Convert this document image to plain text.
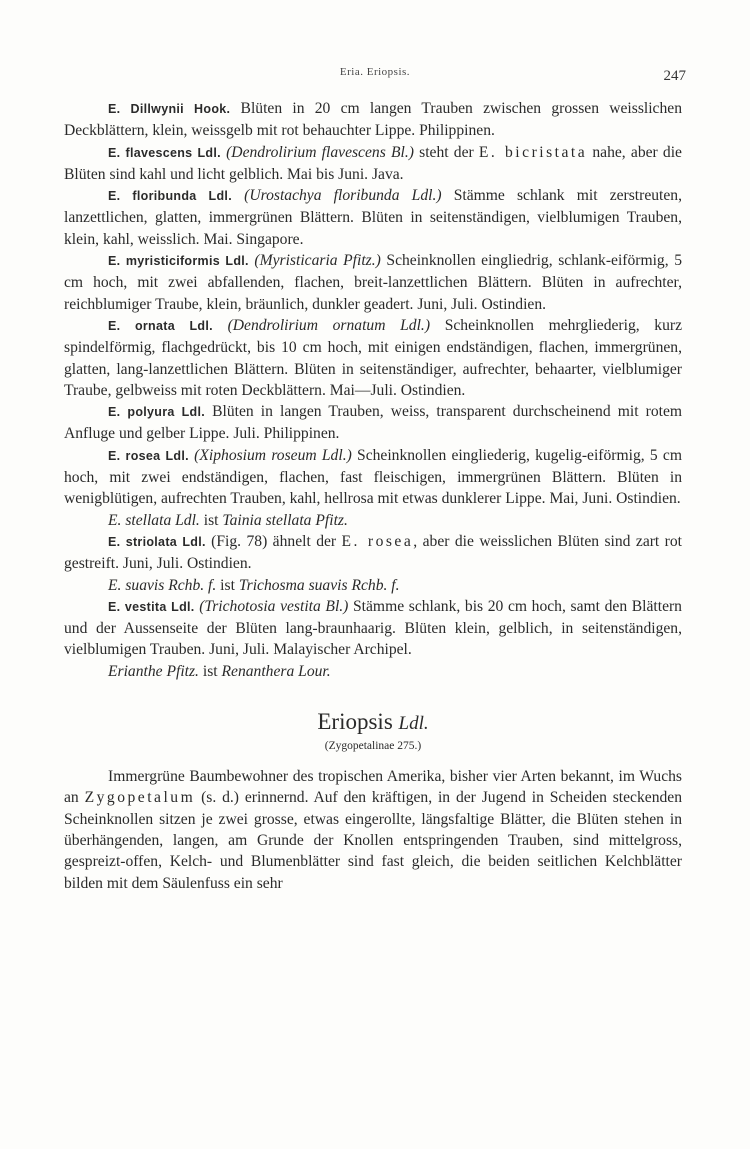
Eria. Eriopsis.	247

E. Dillwynii Hook. Blüten in 20 cm langen Trauben zwischen grossen weisslichen Deckblättern, klein, weissgelb mit rot behauchter Lippe. Philippinen.

E. flavescens Ldl. (Dendrolirium flavescens Bl.) steht der E. bicristata nahe, aber die Blüten sind kahl und licht gelblich. Mai bis Juni. Java.

E. floribunda Ldl. (Urostachya floribunda Ldl.) Stämme schlank mit zerstreuten, lanzettlichen, glatten, immergrünen Blättern. Blüten in seitenständigen, vielblumigen Trauben, klein, kahl, weisslich. Mai. Singapore.

E. myristiciformis Ldl. (Myristicaria Pfitz.) Scheinknollen eingliedrig, schlank-eiförmig, 5 cm hoch, mit zwei abfallenden, flachen, breit-lanzettlichen Blättern. Blüten in aufrechter, reichblumiger Traube, klein, bräunlich, dunkler geadert. Juni, Juli. Ostindien.

E. ornata Ldl. (Dendrolirium ornatum Ldl.) Scheinknollen mehrgliederig, kurz spindelförmig, flachgedrückt, bis 10 cm hoch, mit einigen endständigen, flachen, immergrünen, glatten, lang-lanzettlichen Blättern. Blüten in seitenständiger, aufrechter, behaarter, vielblumiger Traube, gelbweiss mit roten Deckblättern. Mai—Juli. Ostindien.

E. polyura Ldl. Blüten in langen Trauben, weiss, transparent durchscheinend mit rotem Anfluge und gelber Lippe. Juli. Philippinen.

E. rosea Ldl. (Xiphosium roseum Ldl.) Scheinknollen eingliederig, kugelig-eiförmig, 5 cm hoch, mit zwei endständigen, flachen, fast fleischigen, immergrünen Blättern. Blüten in wenigblütigen, aufrechten Trauben, kahl, hellrosa mit etwas dunklerer Lippe. Mai, Juni. Ostindien.

E. stellata Ldl. ist Tainia stellata Pfitz.

E. striolata Ldl. (Fig. 78) ähnelt der E. rosea, aber die weisslichen Blüten sind zart rot gestreift. Juni, Juli. Ostindien.

E. suavis Rchb. f. ist Trichosma suavis Rchb. f.

E. vestita Ldl. (Trichotosia vestita Bl.) Stämme schlank, bis 20 cm hoch, samt den Blättern und der Aussenseite der Blüten lang-braunhaarig. Blüten klein, gelblich, in seitenständigen, vielblumigen Trauben. Juni, Juli. Malayischer Archipel.

Erianthe Pfitz. ist Renanthera Lour.

Eriopsis Ldl.
(Zygopetalinae 275.)

Immergrüne Baumbewohner des tropischen Amerika, bisher vier Arten bekannt, im Wuchs an Zygopetalum (s. d.) erinnernd. Auf den kräftigen, in der Jugend in Scheiden steckenden Scheinknollen sitzen je zwei grosse, etwas eingerollte, längsfaltige Blätter, die Blüten stehen in überhängenden, langen, am Grunde der Knollen entspringenden Trauben, sind mittelgross, gespreizt-offen, Kelch- und Blumenblätter sind fast gleich, die beiden seitlichen Kelchblätter bilden mit dem Säulenfuss ein sehr
